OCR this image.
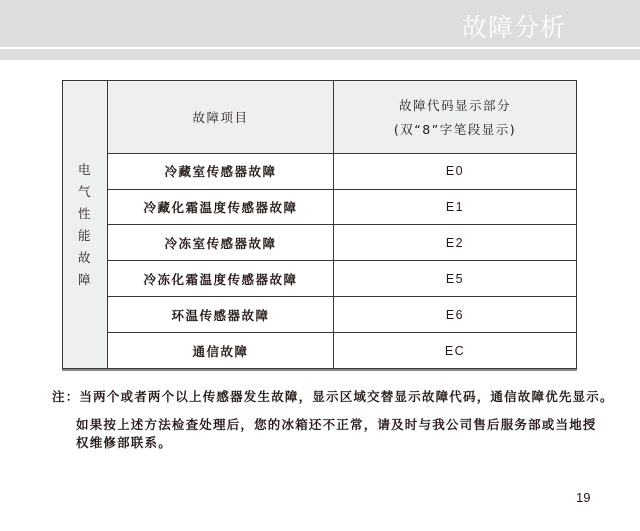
故障分析
电
气
性
能
故
障
	故障项目	故障代码显示部分
(双“8”字笔段显示)

	冷藏室传感器故障	E0
	冷藏化霜温度传感器故障	E1
	冷冻室传感器故障	E2
	冷冻化霜温度传感器故障	E5
	环温传感器故障	E6
	通信故障	EC
注：当两个或者两个以上传感器发生故障，显示区域交替显示故障代码，通信故障优先显示。
如果按上述方法检查处理后，您的冰箱还不正常，请及时与我公司售后服务部或当地授
权维修部联系。
19
